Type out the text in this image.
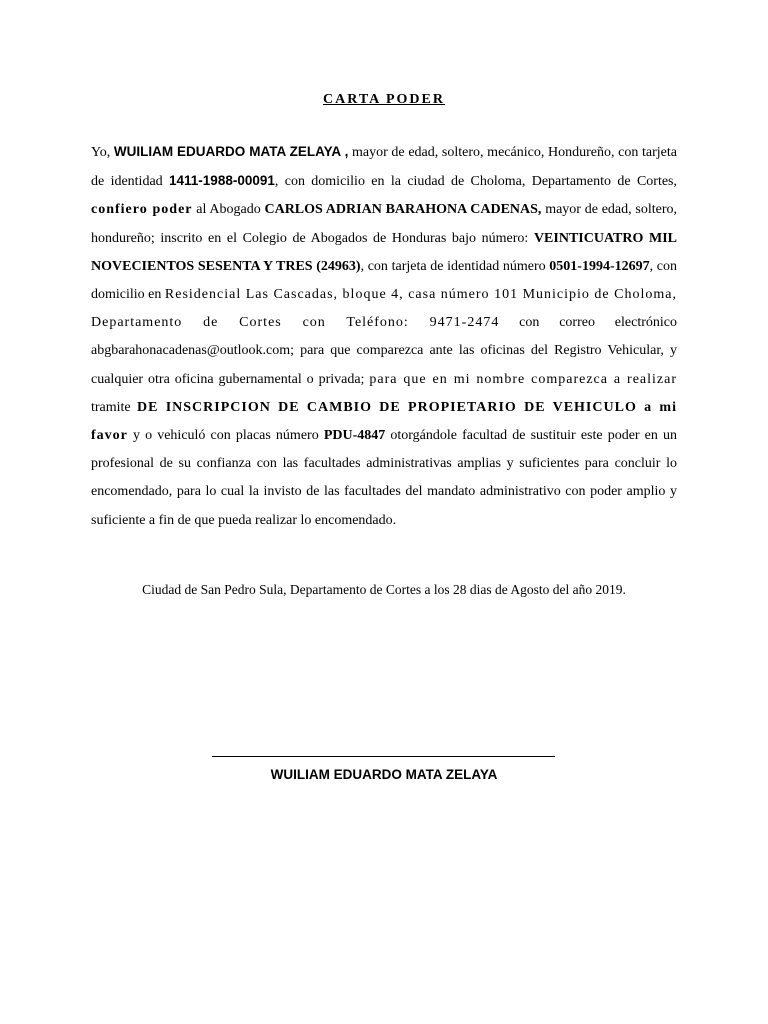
CARTA PODER
Yo, WUILIAM EDUARDO MATA ZELAYA , mayor de edad, soltero, mecánico, Hondureño, con tarjeta de identidad 1411-1988-00091, con domicilio en la ciudad de Choloma, Departamento de Cortes, confiero poder al Abogado CARLOS ADRIAN BARAHONA CADENAS, mayor de edad, soltero, hondureño; inscrito en el Colegio de Abogados de Honduras bajo número: VEINTICUATRO MIL NOVECIENTOS SESENTA Y TRES (24963), con tarjeta de identidad número 0501-1994-12697, con domicilio en Residencial Las Cascadas, bloque 4, casa número 101 Municipio de Choloma, Departamento de Cortes con Teléfono: 9471-2474 con correo electrónico abgbarahonacadenas@outlook.com; para que comparezca ante las oficinas del Registro Vehicular, y cualquier otra oficina gubernamental o privada; para que en mi nombre comparezca a realizar tramite DE INSCRIPCION DE CAMBIO DE PROPIETARIO DE VEHICULO a mi favor y o vehiculó con placas número PDU-4847 otorgándole facultad de sustituir este poder en un profesional de su confianza con las facultades administrativas amplias y suficientes para concluir lo encomendado, para lo cual la invisto de las facultades del mandato administrativo con poder amplio y suficiente a fin de que pueda realizar lo encomendado.
Ciudad de San Pedro Sula, Departamento de Cortes a los 28 dias de Agosto del año 2019.
WUILIAM EDUARDO MATA ZELAYA
